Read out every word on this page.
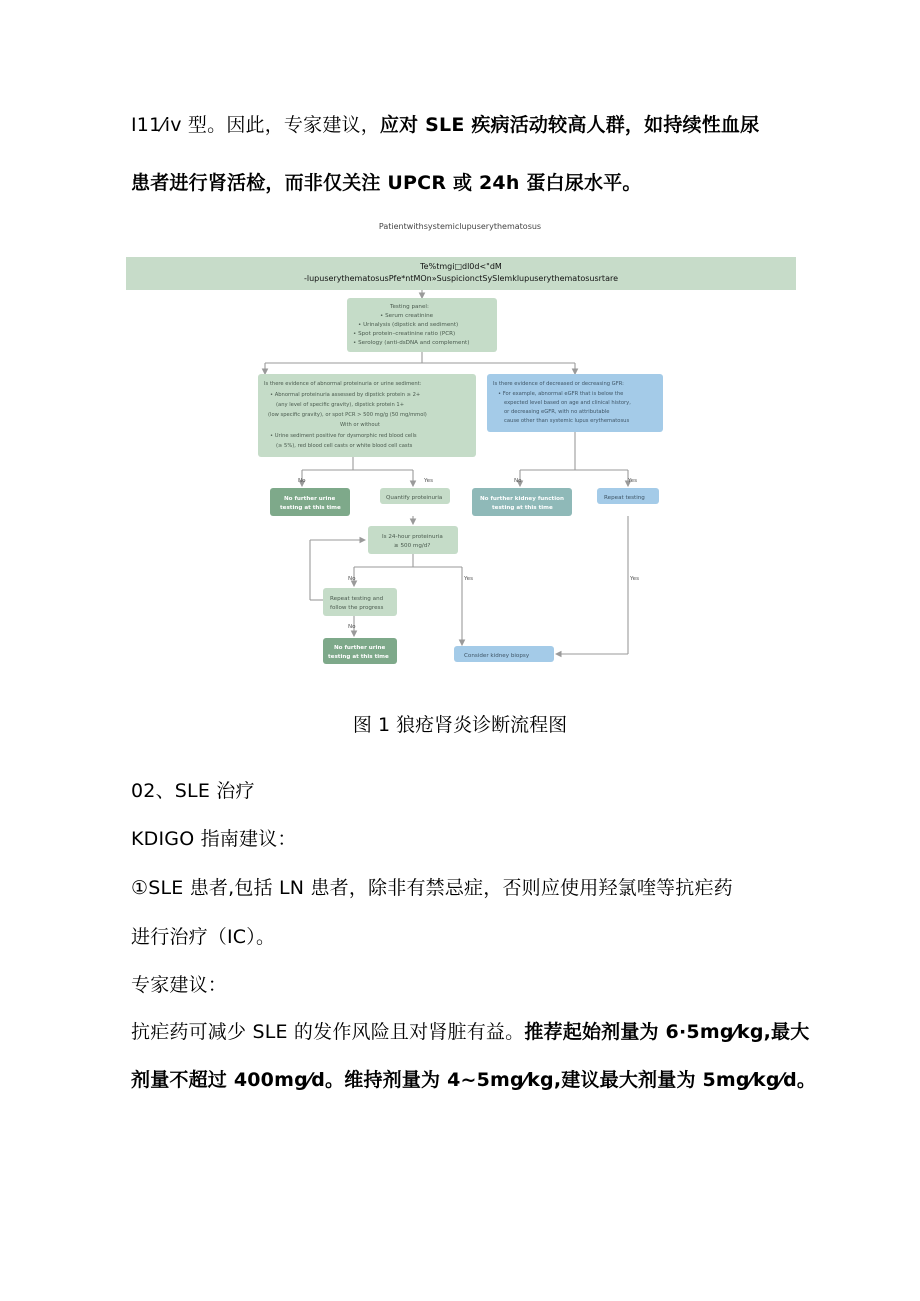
I11⁄iv 型。因此，专家建议，应对 SLE 疾病活动较高人群，如持续性血尿
患者进行肾活检，而非仅关注 UPCR 或 24h 蛋白尿水平。
Patientwithsystemiclupuserythematosus
Te%tmgi□dl0d<"dM
-lupuserythematosusPfe*ntMOn»SuspicionctSySlemklupuserythematosusrtare
Testing panel: • Serum creatinine • Urinalysis (dipstick and sediment) • Spot protein–creatinine ratio (PCR) • Serology (anti-dsDNA and complement)
Is there evidence of abnormal proteinuria or urine sediment: • Abnormal proteinuria assessed by dipstick protein ≥ 2+ (any level of specific gravity), dipstick protein 1+ (low specific gravity), or spot PCR > 500 mg/g (50 mg/mmol) With or without • Urine sediment positive for dysmorphic red blood cells (≥ 5%), red blood cell casts or white blood cell casts
Is there evidence of decreased or decreasing GFR: • For example, abnormal eGFR that is below the expected level based on age and clinical history, or decreasing eGFR, with no attributable cause other than systemic lupus erythematosus
No	Yes	No	Yes
No	Yes
No
Yes
No further urine testing at this time
Quantify proteinuria	No further kidney function testing at this time
Repeat testing
Is 24-hour proteinuria ≥ 500 mg/d?
Repeat testing and follow the progress
No further urine testing at this time	Consider kidney biopsy
图 1 狼疮肾炎诊断流程图
02、SLE 治疗
KDIGO 指南建议：
①SLE 患者,包括 LN 患者，除非有禁忌症，否则应使用羟氯喹等抗疟药
进行治疗（IC）。
专家建议：
抗疟药可减少 SLE 的发作风险且对肾脏有益。推荐起始剂量为 6·5mg⁄kg,最大
剂量不超过 400mg⁄d。维持剂量为 4~5mg⁄kg,建议最大剂量为 5mg⁄kg⁄d。
